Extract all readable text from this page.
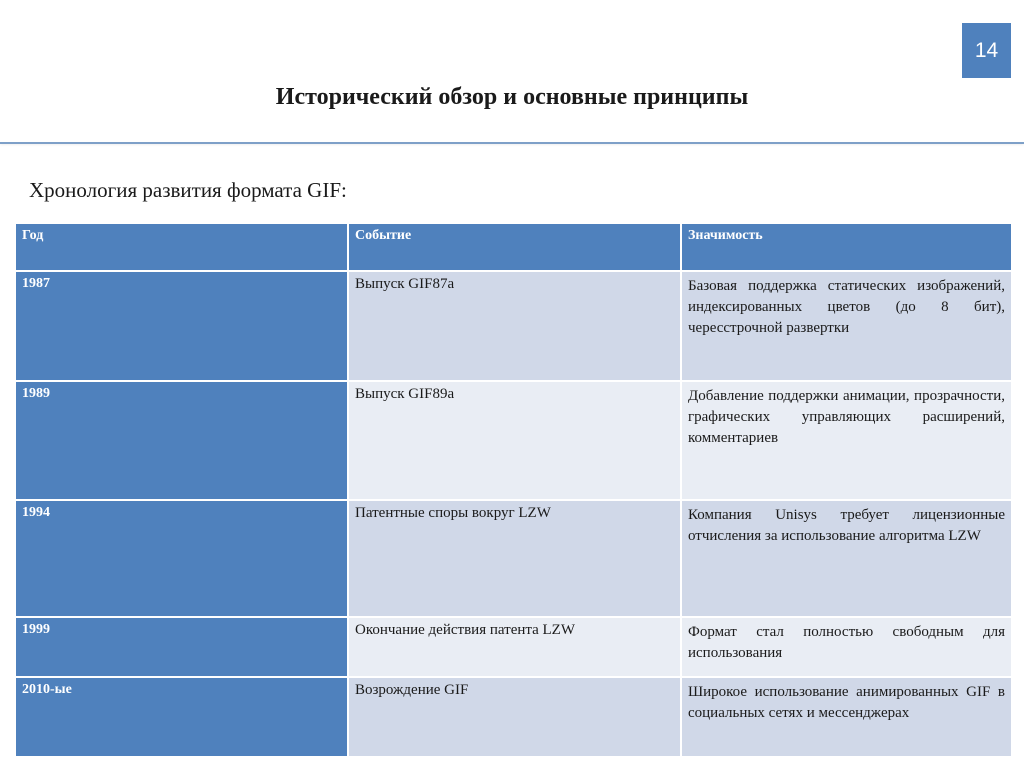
14
Исторический обзор и основные принципы

Хронология развития формата GIF:

Год	Событие	Значимость
1987	Выпуск GIF87a	Базовая поддержка статических изображений, индексированных цветов (до 8 бит), чересстрочной развертки
1989	Выпуск GIF89a	Добавление поддержки анимации, прозрачности, графических управляющих расширений, комментариев
1994	Патентные споры вокруг LZW	Компания Unisys требует лицензионные отчисления за использование алгоритма LZW
1999	Окончание действия патента LZW	Формат стал полностью свободным для использования
2010-ые	Возрождение GIF	Широкое использование анимированных GIF в социальных сетях и мессенджерах
